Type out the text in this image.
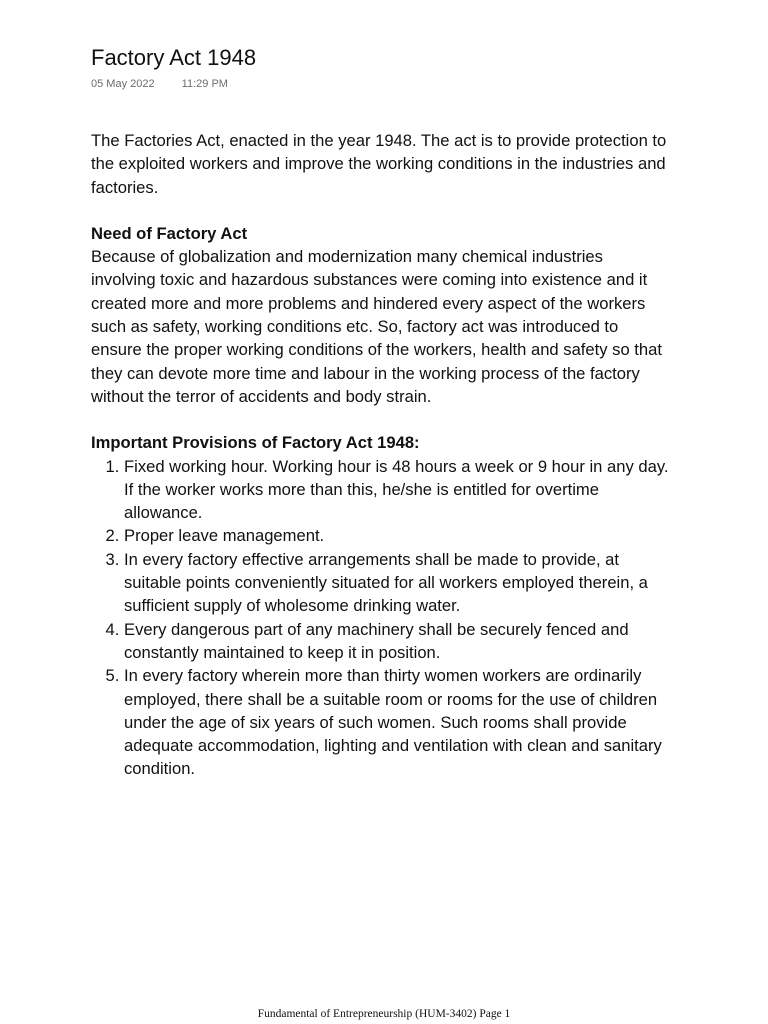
Factory Act 1948
05 May 2022 11:29 PM

The Factories Act, enacted in the year 1948. The act is to provide protection to the exploited workers and improve the working conditions in the industries and factories.

Need of Factory Act

Because of globalization and modernization many chemical industries involving toxic and hazardous substances were coming into existence and it created more and more problems and hindered every aspect of the workers such as safety, working conditions etc. So, factory act was introduced to ensure the proper working conditions of the workers, health and safety so that they can devote more time and labour in the working process of the factory without the terror of accidents and body strain.

Important Provisions of Factory Act 1948:

1. Fixed working hour. Working hour is 48 hours a week or 9 hour in any day. If the worker works more than this, he/she is entitled for overtime allowance.
2. Proper leave management.
3. In every factory effective arrangements shall be made to provide, at suitable points conveniently situated for all workers employed therein, a sufficient supply of wholesome drinking water.
4. Every dangerous part of any machinery shall be securely fenced and constantly maintained to keep it in position.
5. In every factory wherein more than thirty women workers are ordinarily employed, there shall be a suitable room or rooms for the use of children under the age of six years of such women. Such rooms shall provide adequate accommodation, lighting and ventilation with clean and sanitary condition.
Fundamental of Entrepreneurship (HUM-3402) Page 1
